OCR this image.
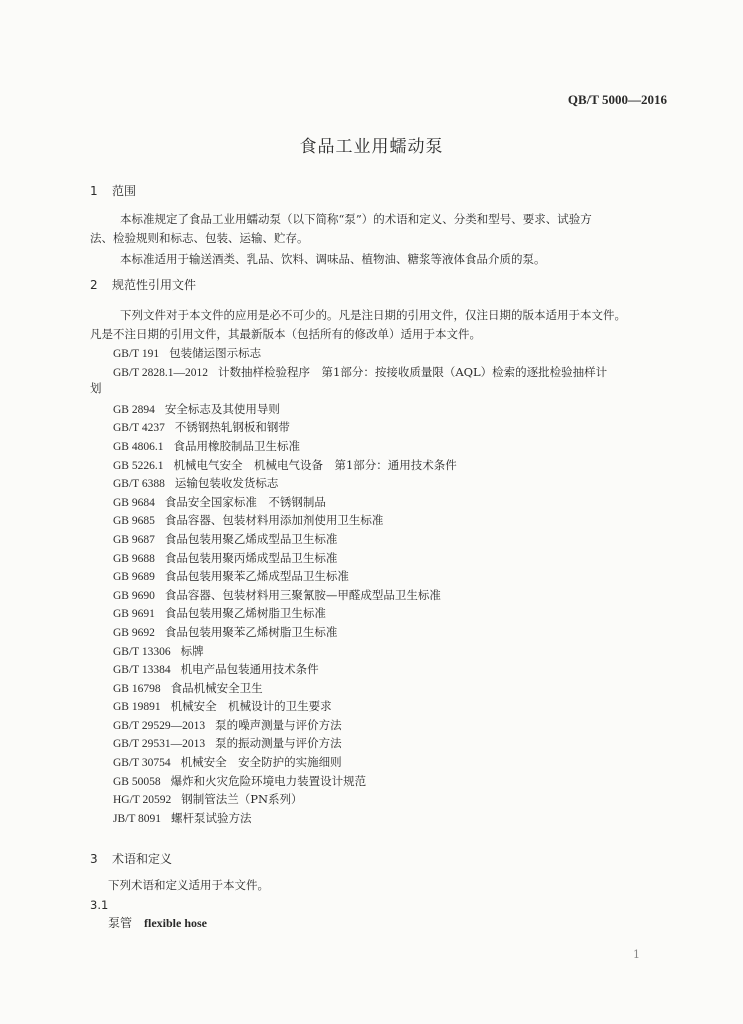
QB/T 5000—2016
食品工业用蠕动泵
1 范围
本标准规定了食品工业用蠕动泵（以下简称“泵”）的术语和定义、分类和型号、要求、试验方
法、检验规则和标志、包装、运输、贮存。
本标准适用于输送酒类、乳品、饮料、调味品、植物油、糖浆等液体食品介质的泵。
2 规范性引用文件
下列文件对于本文件的应用是必不可少的。凡是注日期的引用文件，仅注日期的版本适用于本文件。
凡是不注日期的引用文件，其最新版本（包括所有的修改单）适用于本文件。
GB/T 191 包装储运图示标志
GB/T 2828.1—2012 计数抽样检验程序　第1部分：按接收质量限（AQL）检索的逐批检验抽样计
GB 2894 安全标志及其使用导则
GB/T 4237 不锈钢热轧钢板和钢带
GB 4806.1 食品用橡胶制品卫生标准
GB 5226.1 机械电气安全　机械电气设备　第1部分：通用技术条件
GB/T 6388 运输包装收发货标志
GB 9684 食品安全国家标准　不锈钢制品
GB 9685 食品容器、包装材料用添加剂使用卫生标准
GB 9687 食品包装用聚乙烯成型品卫生标准
GB 9688 食品包装用聚丙烯成型品卫生标准
GB 9689 食品包装用聚苯乙烯成型品卫生标准
GB 9690 食品容器、包装材料用三聚氰胺—甲醛成型品卫生标准
GB 9691 食品包装用聚乙烯树脂卫生标准
GB 9692 食品包装用聚苯乙烯树脂卫生标准
GB/T 13306 标牌
GB/T 13384 机电产品包装通用技术条件
GB 16798 食品机械安全卫生
GB 19891 机械安全　机械设计的卫生要求
GB/T 29529—2013 泵的噪声测量与评价方法
GB/T 29531—2013 泵的振动测量与评价方法
GB/T 30754 机械安全　安全防护的实施细则
GB 50058 爆炸和火灾危险环境电力装置设计规范
HG/T 20592 钢制管法兰（PN系列）
JB/T 8091 螺杆泵试验方法
划
3 术语和定义
下列术语和定义适用于本文件。
3.1
泵管 flexible hose
1
